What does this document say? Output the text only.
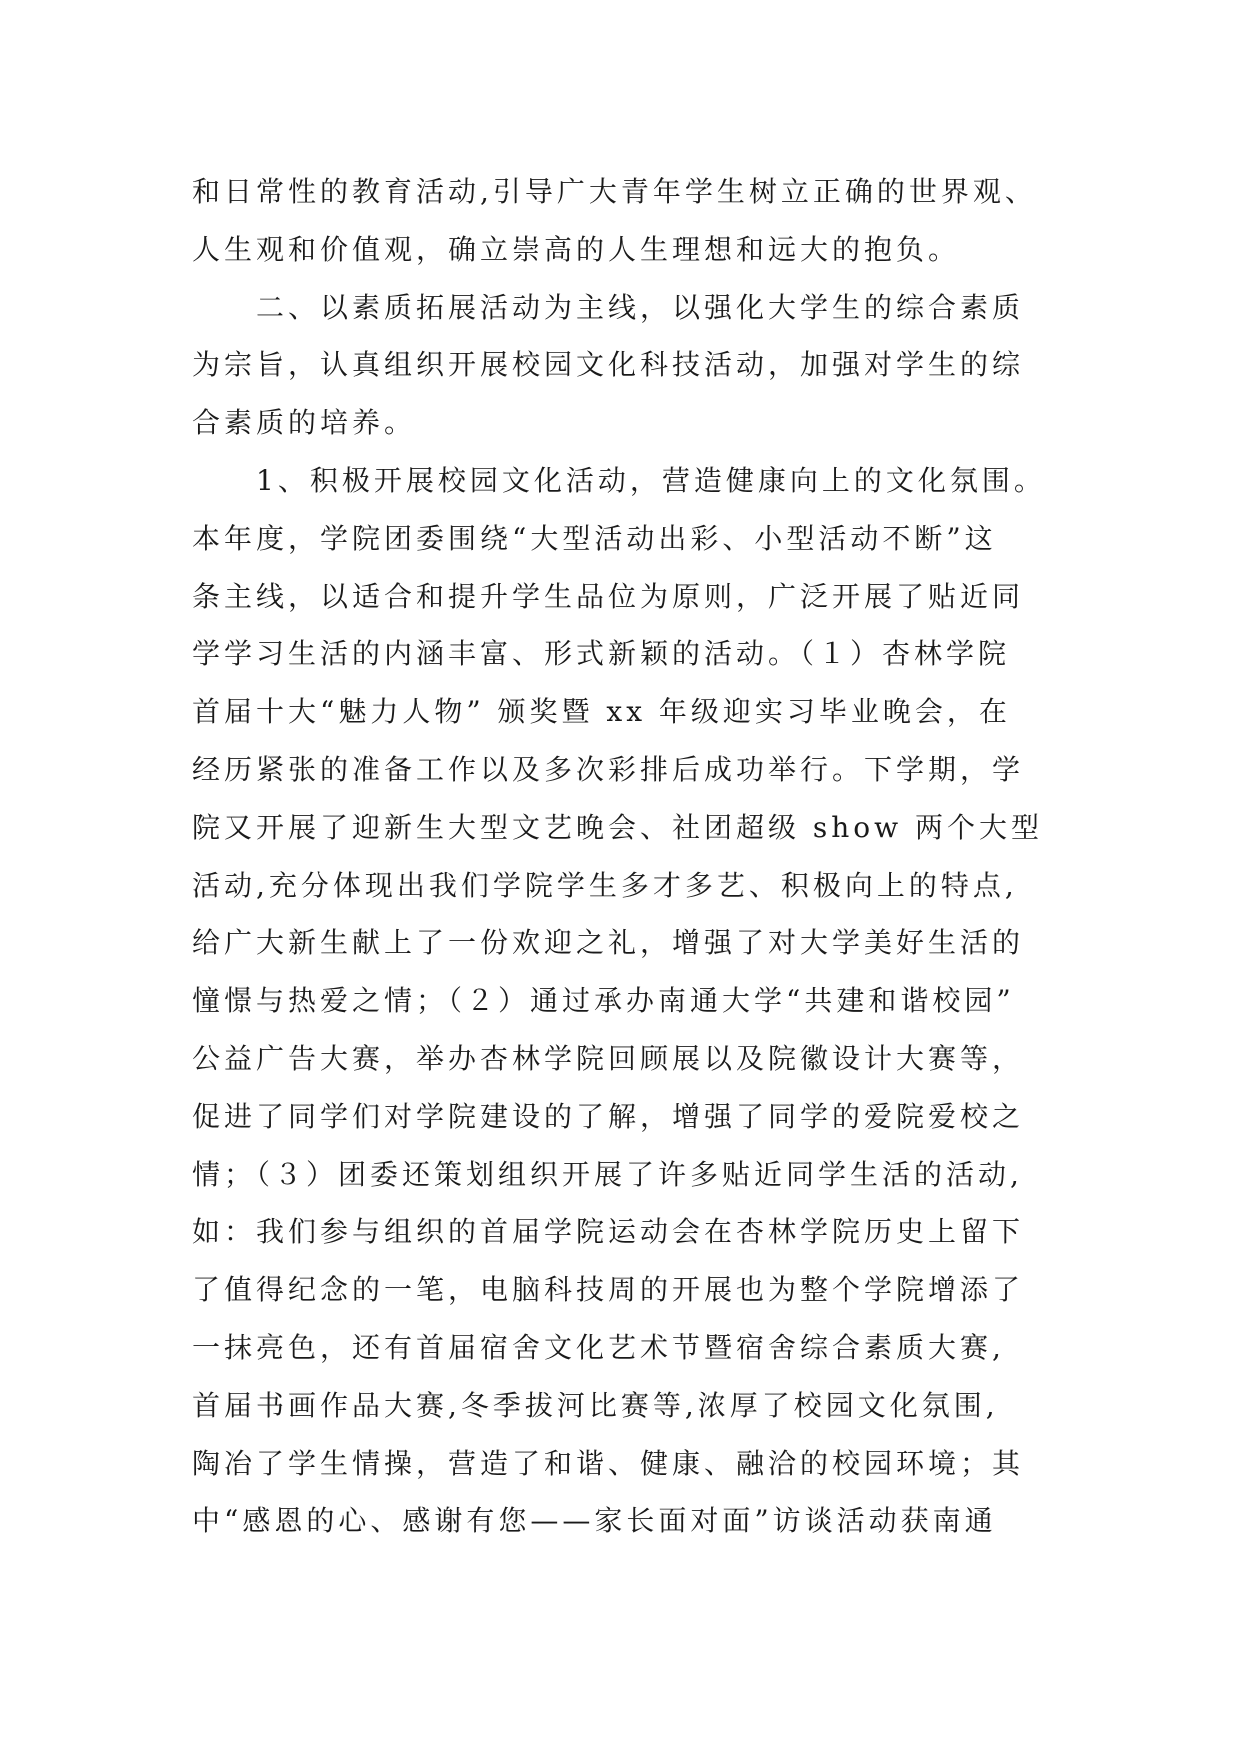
和日常性的教育活动,引导广大青年学生树立正确的世界观、
人生观和价值观，确立崇高的人生理想和远大的抱负。
　　二、以素质拓展活动为主线，以强化大学生的综合素质
为宗旨，认真组织开展校园文化科技活动，加强对学生的综
合素质的培养。
　　1、积极开展校园文化活动，营造健康向上的文化氛围。
本年度，学院团委围绕“大型活动出彩、小型活动不断”这
条主线，以适合和提升学生品位为原则，广泛开展了贴近同
学学习生活的内涵丰富、形式新颖的活动。（１）杏林学院
首届十大“魅力人物” 颁奖暨 xx 年级迎实习毕业晚会，在
经历紧张的准备工作以及多次彩排后成功举行。下学期，学
院又开展了迎新生大型文艺晚会、社团超级 show 两个大型
活动,充分体现出我们学院学生多才多艺、积极向上的特点,
给广大新生献上了一份欢迎之礼，增强了对大学美好生活的
憧憬与热爱之情；（２）通过承办南通大学“共建和谐校园”
公益广告大赛，举办杏林学院回顾展以及院徽设计大赛等，
促进了同学们对学院建设的了解，增强了同学的爱院爱校之
情；（３）团委还策划组织开展了许多贴近同学生活的活动,
如：我们参与组织的首届学院运动会在杏林学院历史上留下
了值得纪念的一笔，电脑科技周的开展也为整个学院增添了
一抹亮色，还有首届宿舍文化艺术节暨宿舍综合素质大赛,
首届书画作品大赛,冬季拔河比赛等,浓厚了校园文化氛围,
陶冶了学生情操，营造了和谐、健康、融洽的校园环境；其
中“感恩的心、感谢有您——家长面对面”访谈活动获南通
